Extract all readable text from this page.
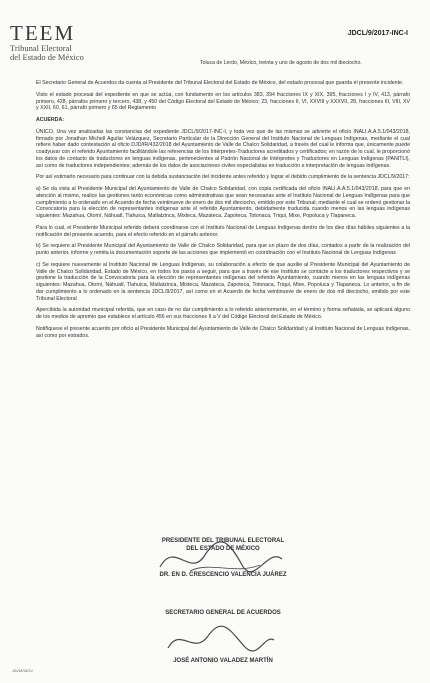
TEEM
Tribunal Electoral
del Estado de México
JDCL/9/2017-INC-I
Toluca de Lerdo, México, treinta y uno de agosto de dos mil dieciocho.

El Secretario General de Acuerdos da cuenta al Presidente del Tribunal Electoral del Estado de México, del estado procesal que guarda el presente incidente.

Visto el estado procesal del expediente en que se actúa, con fundamento en los artículos 383, 394 fracciones IX y XIX, 395, fracciones I y IV, 413, párrafo primero, 428, párrafos primero y tercero, 438, y 450 del Código Electoral del Estado de México; 23, fracciones II, VI, XXVIII y XXXVII, 28, fracciones III, VIII, XV y XXII, 60, 61, párrafo primero y 65 del Reglamento

ACUERDA:

ÚNICO. Una vez analizadas las constancias del expediente JDCL/9/2017-INC-I, y toda vez que de las mismas se advierte el oficio INALI.A.A.5.1/043/2018, firmado por Jonathan Michell Aguilar Velázquez, Secretario Particular de la Dirección General del Instituto Nacional de Lenguas Indígenas, mediante el cual refiere haber dado contestación al oficio DJD/IR/432/2018 del Ayuntamiento de Valle de Chalco Solidaridad, a través del cual le informa que, únicamente puede coadyuvar con el referido Ayuntamiento facilitándole las referencias de los Intérpretes-Traductores acreditados y certificados; en razón de lo cual, le proporcionó los datos de contacto de traductores en lenguas indígenas, pertenecientes al Padrón Nacional de Intérpretes y Traductores en Lenguas Indígenas (PANITLI), así como de traductores independientes; además de los datos de asociaciones civiles especialistas en traducción e interpretación de lenguas indígenas.

Por así estimarlo necesario para continuar con la debida sustanciación del incidente antes referido y lograr el debido cumplimiento de la sentencia JDCL/9/2017:

a) Se da vista al Presidente Municipal del Ayuntamiento de Valle de Chalco Solidaridad, con copia certificada del oficio INALI.A.A.5.1/043/2018, para que en atención al mismo, realice las gestiones tanto económicas como administrativas que sean necesarias ante el Instituto Nacional de Lenguas Indígenas para que cumplimiento a lo ordenado en el Acuerdo de fecha veintinueve de enero de dos mil dieciocho, emitido por este Tribunal; mediante el cual se ordenó gestionar la Convocatoria para la elección de representantes indígenas ante el referido Ayuntamiento, debidamente traducida cuando menos en las lenguas indígenas siguientes: Mazahua, Otomí, Náhuatl, Tlahuica, Matlatzinca, Mixteca, Mazateca, Zapoteca, Totonaca, Triqui, Mixe, Popoluca y Tlapaneca.

Para lo cual, el Presidente Municipal referido deberá coordinarse con el Instituto Nacional de Lenguas Indígenas dentro de los diez días hábiles siguientes a la notificación del presente acuerdo, para el efecto referido en el párrafo anterior.

b) Se requiere al Presidente Municipal del Ayuntamiento de Valle de Chalco Solidaridad, para que un plazo de dos días, contados a partir de la realización del punto anterior, informe y remita la documentación soporte de las acciones que implementó en coordinación con el Instituto Nacional de Lenguas Indígenas

c) Se requiere nuevamente al Instituto Nacional de Lenguas Indígenas, su colaboración a efecto de que auxilie al Presidente Municipal del Ayuntamiento de Valle de Chalco Solidaridad, Estado de México, en todos los pasos a seguir, para que a través de ese Instituto se contacte a los traductores respectivos y se gestione la traducción de la Convocatoria para la elección de representantes indígenas del referido Ayuntamiento, cuando menos en las lenguas indígenas siguientes: Mazahua, Otomí, Náhuatl, Tlahuica, Matlatzinca, Mixteca, Mazateca, Zapoteca, Totonaca, Triqui, Mixe, Popoluca y Tlapaneca. Lo anterior, a fin de dar cumplimiento a lo ordenado en la sentencia JDCL/9/2017, así como en el Acuerdo de fecha veintinueve de enero de dos mil dieciocho, emitido por este Tribunal Electoral

Apercibida la autoridad municipal referida, que en caso de no dar cumplimiento a lo referido anteriormente, en el término y forma señalada, se aplicará alguno de los medios de apremio que establece el artículo 456 en sus fracciones II a V del Código Electoral del Estado de México.

Notifíquese el presente acuerdo por oficio al Presidente Municipal del Ayuntamiento de Valle de Chalco Solidaridad y al Instituto Nacional de Lenguas Indígenas, así como por estrados.

PRESIDENTE DEL TRIBUNAL ELECTORAL
DEL ESTADO DE MÉXICO
DR. EN D. CRESCENCIO VALENCIA JUÁREZ
SECRETARIO GENERAL DE ACUERDOS
JOSÉ ANTONIO VALADEZ MARTÍN
JAVM/IAGV
